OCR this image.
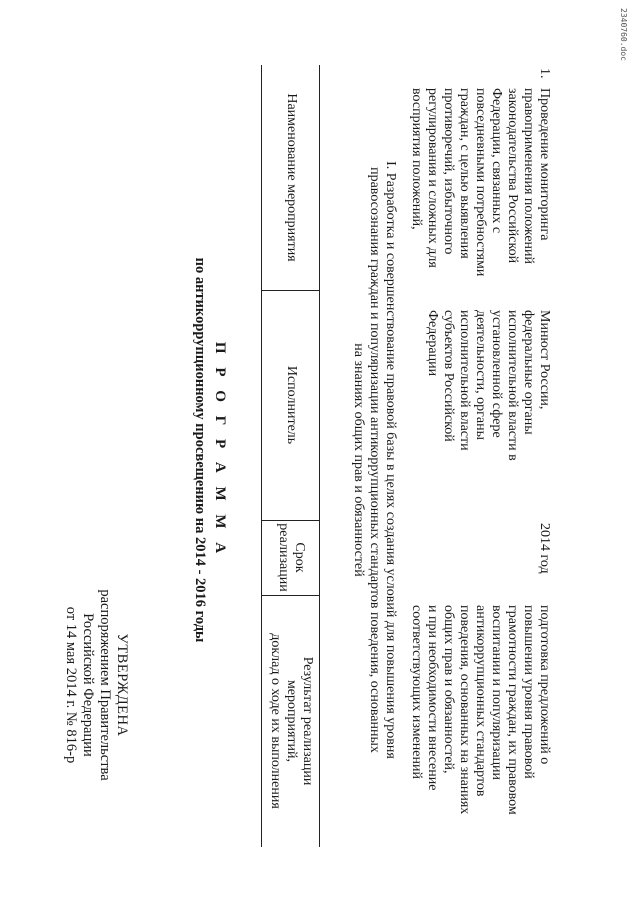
УТВЕРЖДЕНА
распоряжением Правительства
Российской Федерации
от 14 мая 2014 г. № 816-р
П Р О Г Р А М М А
по антикоррупционному просвещению на 2014 - 2016 годы
Наименование мероприятия
Исполнитель
Срок
реализации
Результат реализации
мероприятий,
доклад о ходе их выполнения	I. Разработка и совершенствование правовой базы в целях создания условий для повышения уровня
правосознания граждан и популяризации антикоррупционных стандартов поведения, основанных
на знаниях общих прав и обязанностей
1.
Проведение мониторинга
правоприменения положений
законодательства Российской
Федерации, связанных с
повседневными потребностями
граждан, с целью выявления
противоречий, избыточного
регулирования и сложных для
восприятия положений,
Минюст России,
федеральные органы
исполнительной власти в
установленной сфере
деятельности, органы
исполнительной власти
субъектов Российской
Федерации
2014 год
подготовка предложений о
повышении уровня правовой
грамотности граждан, их правовом
воспитании и популяризации
антикоррупционных стандартов
поведения, основанных на знаниях
общих прав и обязанностей,
и при необходимости внесение
соответствующих изменений
2340760.doc
